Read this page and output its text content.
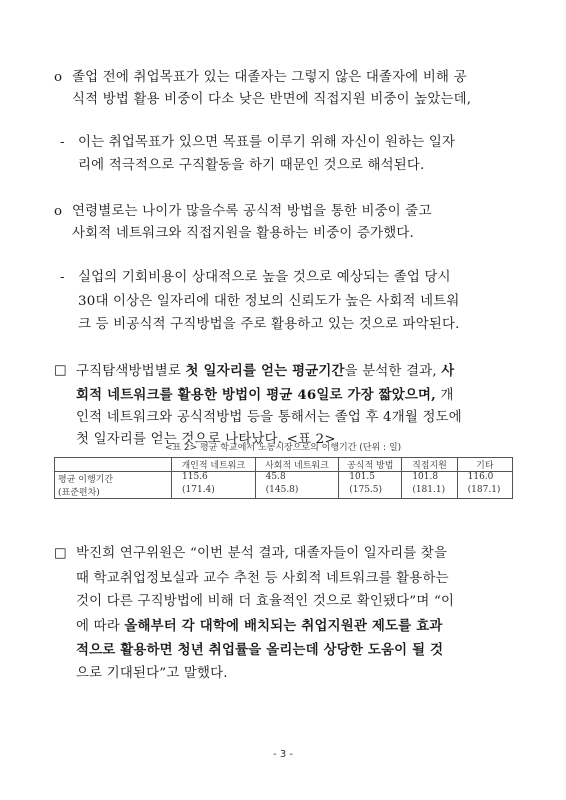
o 졸업 전에 취업목표가 있는 대졸자는 그렇지 않은 대졸자에 비해 공
식적 방법 활용 비중이 다소 낮은 반면에 직접지원 비중이 높았는데,
- 이는 취업목표가 있으면 목표를 이루기 위해 자신이 원하는 일자
리에 적극적으로 구직활동을 하기 때문인 것으로 해석된다.
o 연령별로는 나이가 많을수록 공식적 방법을 통한 비중이 줄고
사회적 네트워크와 직접지원을 활용하는 비중이 증가했다.
- 실업의 기회비용이 상대적으로 높을 것으로 예상되는 졸업 당시
30대 이상은 일자리에 대한 정보의 신뢰도가 높은 사회적 네트워
크 등 비공식적 구직방법을 주로 활용하고 있는 것으로 파악된다.
□ 구직탐색방법별로 첫 일자리를 얻는 평균기간을 분석한 결과, 사
회적 네트워크를 활용한 방법이 평균 46일로 가장 짧았으며, 개
인적 네트워크와 공식적방법 등을 통해서는 졸업 후 4개월 정도에
첫 일자리를 얻는 것으로 나타났다. <표 2>
<표 2> 평균 학교에서 노동시장으로의 이행기간 (단위 : 일)
	개인적 네트워크	사회적 네트워크	공식적 방법	직접지원	기타
평균 이행기간	115.6	45.8	101.5	101.8	116.0
(표준편차)	(171.4)	(145.8)	(175.5)	(181.1)	(187.1)
□ 박진희 연구위원은 “이번 분석 결과, 대졸자들이 일자리를 찾을
때 학교취업정보실과 교수 추천 등 사회적 네트워크를 활용하는
것이 다른 구직방법에 비해 더 효율적인 것으로 확인됐다”며 “이
에 따라 올해부터 각 대학에 배치되는 취업지원관 제도를 효과
적으로 활용하면 청년 취업률을 올리는데 상당한 도움이 될 것
으로 기대된다”고 말했다.
- 3 -
